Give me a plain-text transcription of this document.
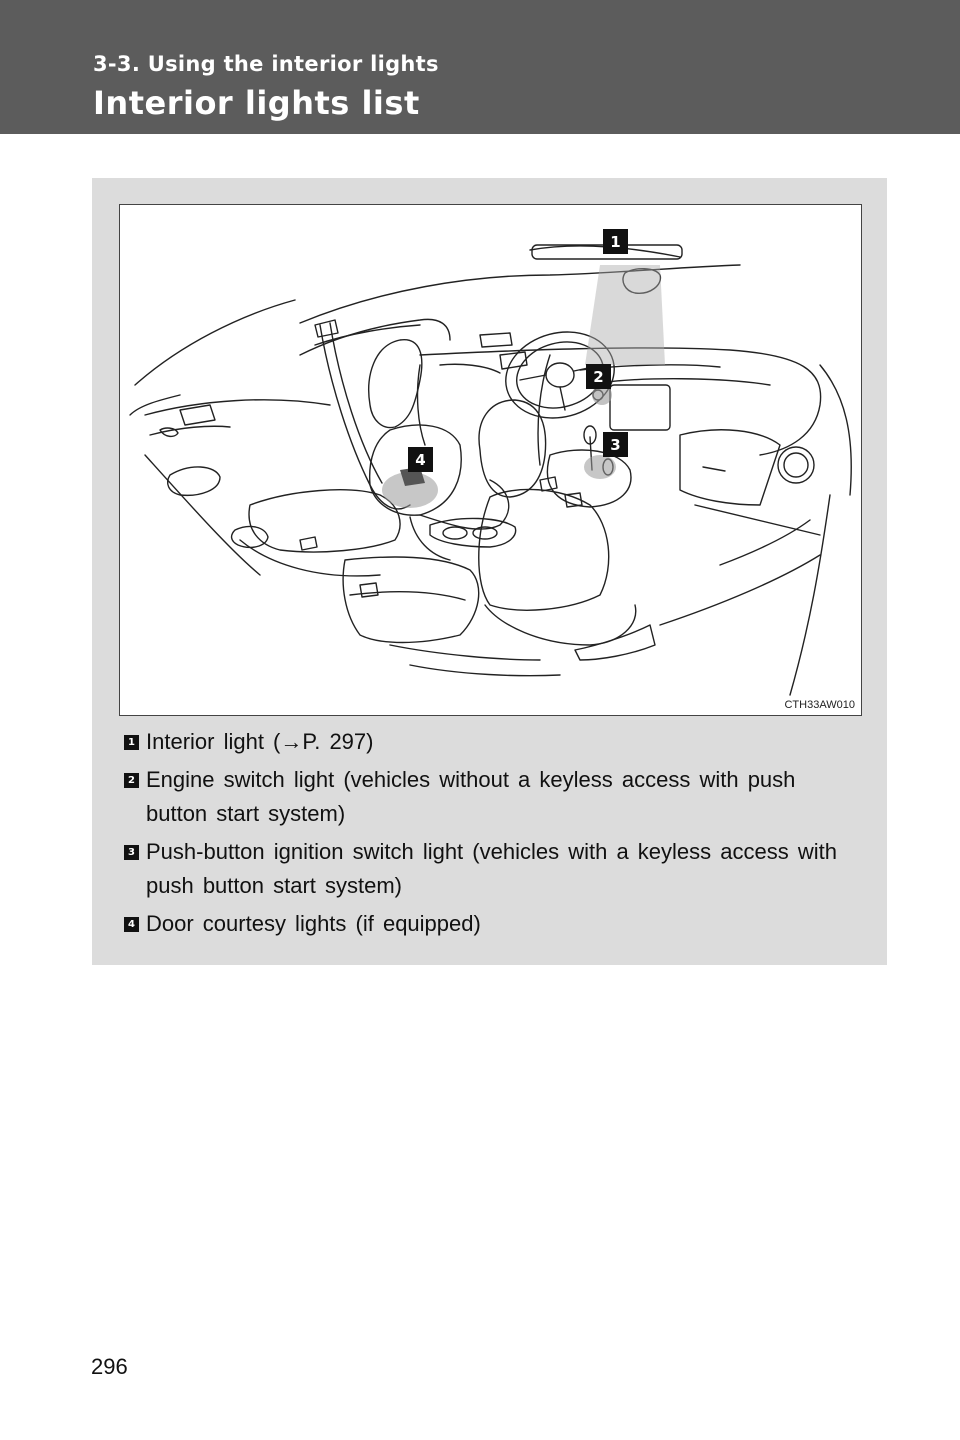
3-3. Using the interior lights
Interior lights list
1
2
3
4
CTH33AW010
1 Interior light (→P. 297)
2 Engine switch light (vehicles without a keyless access with push button start system)
3 Push-button ignition switch light (vehicles with a keyless access with push button start system)
4 Door courtesy lights (if equipped)
296
